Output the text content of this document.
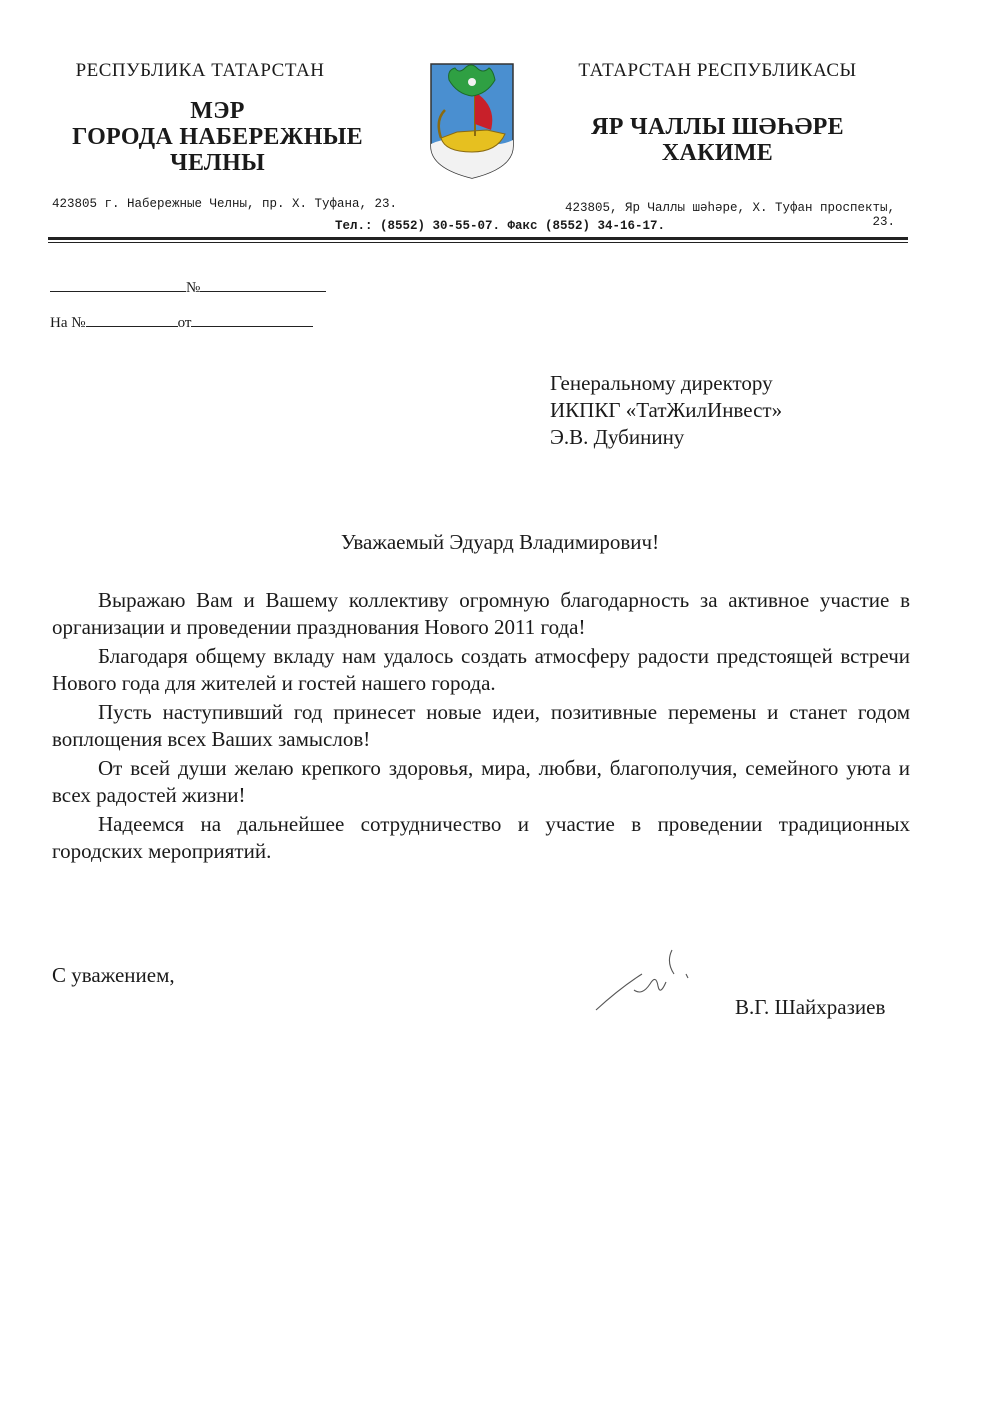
РЕСПУБЛИКА ТАТАРСТАН
МЭР
ГОРОДА НАБЕРЕЖНЫЕ
ЧЕЛНЫ
ТАТАРСТАН РЕСПУБЛИКАСЫ
ЯР ЧАЛЛЫ ШӘҺӘРЕ
ХАКИМЕ
423805 г. Набережные Челны, пр. Х. Туфана, 23.	423805, Яр Чаллы шәһәре, Х. Туфан проспекты, 23.
Тел.: (8552) 30-55-07. Факс (8552) 34-16-17.
№
На №	от
Генеральному директору
ИКПКГ «ТатЖилИнвест»
Э.В. Дубинину
Уважаемый Эдуард Владимирович!

Выражаю Вам и Вашему коллективу огромную благодарность за активное участие в организации и проведении празднования Нового 2011 года!

Благодаря общему вкладу нам удалось создать атмосферу радости предстоящей встречи Нового года для жителей и гостей нашего города.

Пусть наступивший год принесет новые идеи, позитивные перемены и станет годом воплощения всех Ваших замыслов!

От всей души желаю крепкого здоровья, мира, любви, благополучия, семейного уюта и всех радостей жизни!

Надеемся на дальнейшее сотрудничество и участие в проведении традиционных городских мероприятий.

С уважением,
В.Г. Шайхразиев
